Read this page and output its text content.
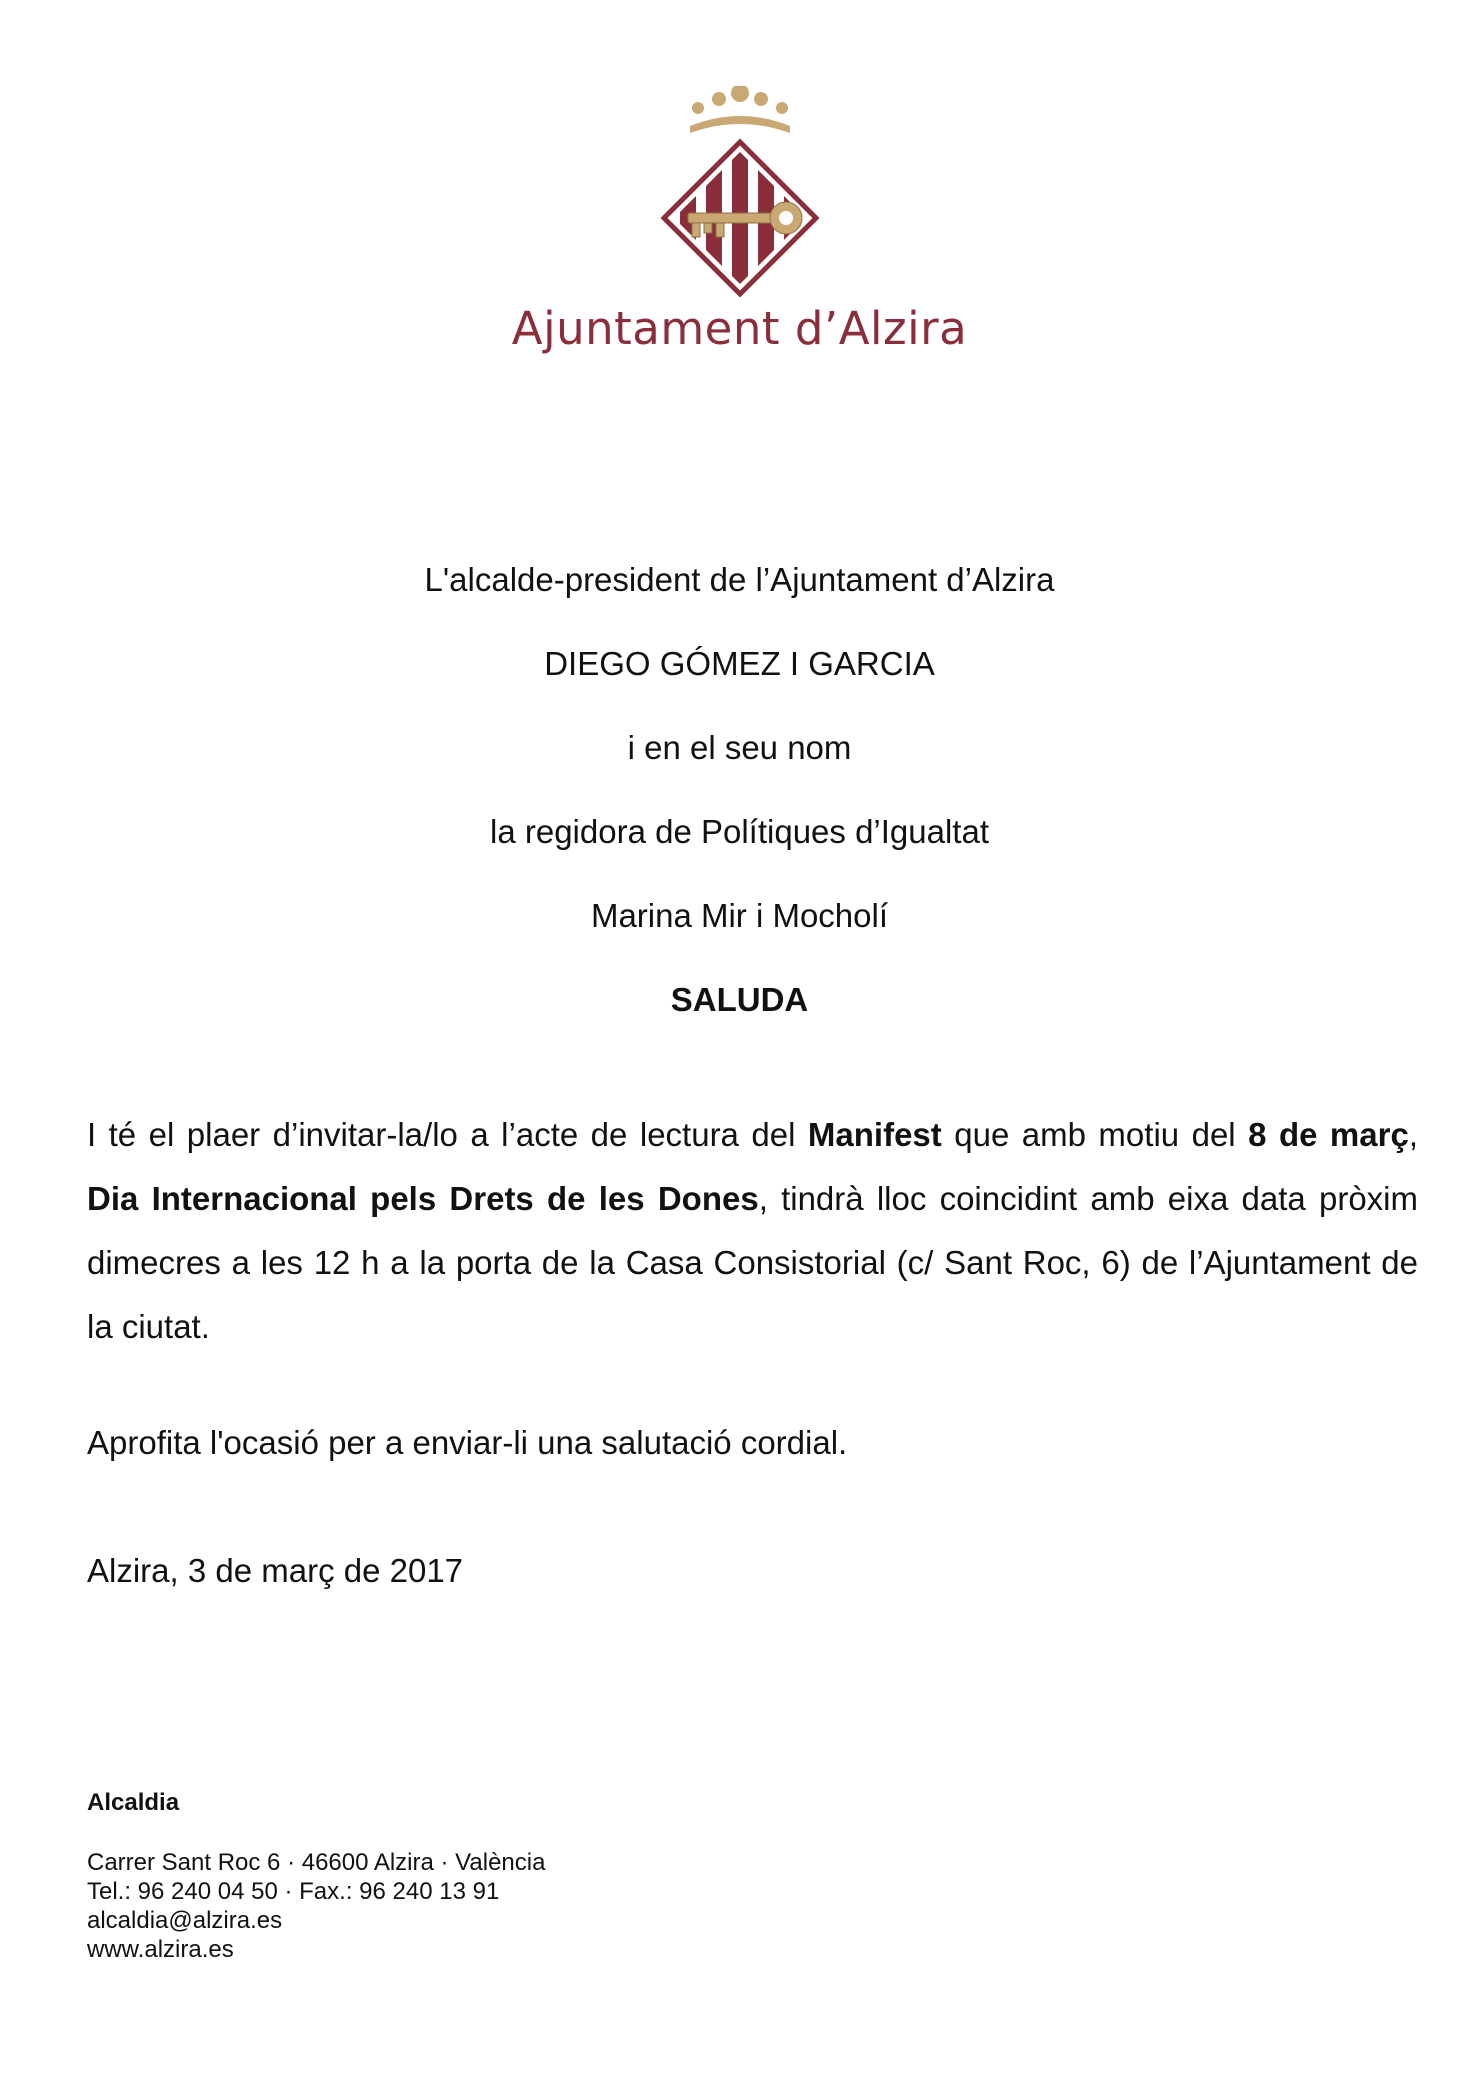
Ajuntament d’Alzira

L'alcalde-president de l’Ajuntament d’Alzira

DIEGO GÓMEZ I GARCIA

i en el seu nom

la regidora de Polítiques d’Igualtat

Marina Mir i Mocholí

SALUDA

I té el plaer d’invitar-la/lo a l’acte de lectura del Manifest que amb motiu del 8 de març, Dia Internacional pels Drets de les Dones, tindrà lloc coincidint amb eixa data pròxim dimecres a les 12 h a la porta de la Casa Consistorial (c/ Sant Roc, 6) de l’Ajuntament de la ciutat.

Aprofita l'ocasió per a enviar-li una salutació cordial.

Alzira, 3 de març de 2017

Alcaldia

Carrer Sant Roc 6 · 46600 Alzira · València

Tel.: 96 240 04 50 · Fax.: 96 240 13 91

alcaldia@alzira.es

www.alzira.es
